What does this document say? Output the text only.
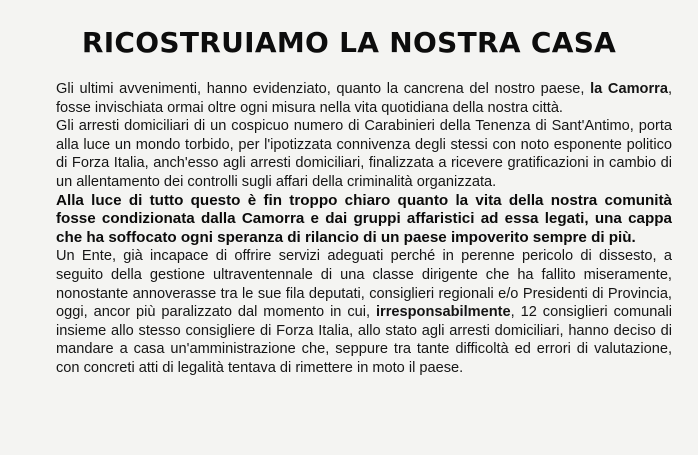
RICOSTRUIAMO LA NOSTRA CASA

Gli ultimi avvenimenti, hanno evidenziato, quanto la cancrena del nostro paese, la Camorra, fosse invischiata ormai oltre ogni misura nella vita quotidiana della nostra città.

Gli arresti domiciliari di un cospicuo numero di Carabinieri della Tenenza di Sant'Antimo, porta alla luce un mondo torbido, per l'ipotizzata connivenza degli stessi con noto esponente politico di Forza Italia, anch'esso agli arresti domiciliari, finalizzata a ricevere gratificazioni in cambio di un allentamento dei controlli sugli affari della criminalità organizzata.

Alla luce di tutto questo è fin troppo chiaro quanto la vita della nostra comunità fosse condizionata dalla Camorra e dai gruppi affaristici ad essa legati, una cappa che ha soffocato ogni speranza di rilancio di un paese impoverito sempre di più.

Un Ente, già incapace di offrire servizi adeguati perché in perenne pericolo di dissesto, a seguito della gestione ultraventennale di una classe dirigente che ha fallito miseramente, nonostante annoverasse tra le sue fila deputati, consiglieri regionali e/o Presidenti di Provincia, oggi, ancor più paralizzato dal momento in cui, irresponsabilmente, 12 consiglieri comunali insieme allo stesso consigliere di Forza Italia, allo stato agli arresti domiciliari, hanno deciso di mandare a casa un'amministrazione che, seppure tra tante difficoltà ed errori di valutazione, con concreti atti di legalità tentava di rimettere in moto il paese.
